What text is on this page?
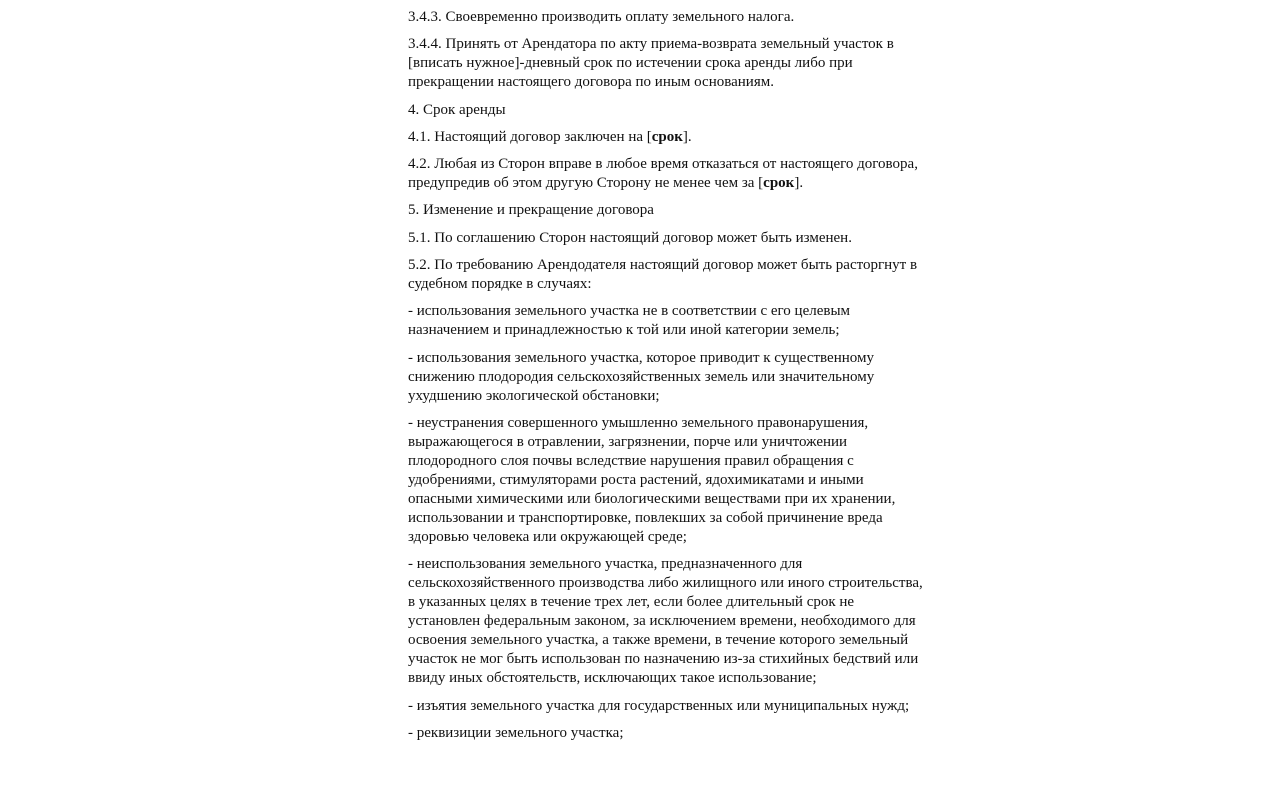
3.4.3. Своевременно производить оплату земельного налога.

3.4.4. Принять от Арендатора по акту приема-возврата земельный участок в [вписать нужное]-дневный срок по истечении срока аренды либо при прекращении настоящего договора по иным основаниям.

4. Срок аренды

4.1. Настоящий договор заключен на [срок].

4.2. Любая из Сторон вправе в любое время отказаться от настоящего договора, предупредив об этом другую Сторону не менее чем за [срок].

5. Изменение и прекращение договора

5.1. По соглашению Сторон настоящий договор может быть изменен.

5.2. По требованию Арендодателя настоящий договор может быть расторгнут в судебном порядке в случаях:

- использования земельного участка не в соответствии с его целевым назначением и принадлежностью к той или иной категории земель;

- использования земельного участка, которое приводит к существенному снижению плодородия сельскохозяйственных земель или значительному ухудшению экологической обстановки;

- неустранения совершенного умышленно земельного правонарушения, выражающегося в отравлении, загрязнении, порче или уничтожении плодородного слоя почвы вследствие нарушения правил обращения с удобрениями, стимуляторами роста растений, ядохимикатами и иными опасными химическими или биологическими веществами при их хранении, использовании и транспортировке, повлекших за собой причинение вреда здоровью человека или окружающей среде;

- неиспользования земельного участка, предназначенного для сельскохозяйственного производства либо жилищного или иного строительства, в указанных целях в течение трех лет, если более длительный срок не установлен федеральным законом, за исключением времени, необходимого для освоения земельного участка, а также времени, в течение которого земельный участок не мог быть использован по назначению из-за стихийных бедствий или ввиду иных обстоятельств, исключающих такое использование;

- изъятия земельного участка для государственных или муниципальных нужд;

- реквизиции земельного участка;
